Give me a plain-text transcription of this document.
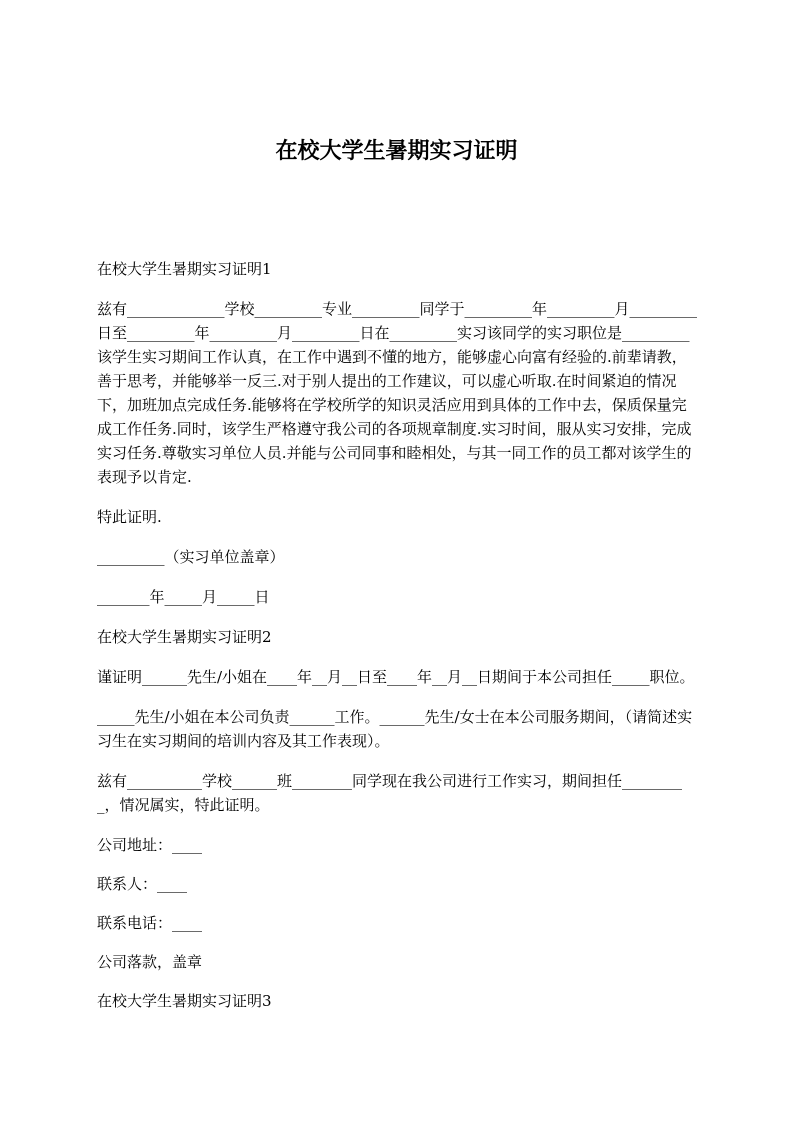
在校大学生暑期实习证明

在校大学生暑期实习证明1

兹有_____________学校_________专业_________同学于_________年_________月_________日至_________年_________月_________日在_________实习该同学的实习职位是_________该学生实习期间工作认真，在工作中遇到不懂的地方，能够虚心向富有经验的.前辈请教，善于思考，并能够举一反三.对于别人提出的工作建议，可以虚心听取.在时间紧迫的情况下，加班加点完成任务.能够将在学校所学的知识灵活应用到具体的工作中去，保质保量完成工作任务.同时，该学生严格遵守我公司的各项规章制度.实习时间，服从实习安排，完成实习任务.尊敬实习单位人员.并能与公司同事和睦相处，与其一同工作的员工都对该学生的表现予以肯定.

特此证明.

_________（实习单位盖章）

_______年_____月_____日

在校大学生暑期实习证明2

谨证明______先生/小姐在____年__月__日至____年__月__日期间于本公司担任_____职位。

_____先生/小姐在本公司负责______工作。______先生/女士在本公司服务期间，（请简述实习生在实习期间的培训内容及其工作表现）。

兹有__________学校______班________同学现在我公司进行工作实习，期间担任_________，情况属实，特此证明。

公司地址：____

联系人：____

联系电话：____

公司落款，盖章

在校大学生暑期实习证明3
